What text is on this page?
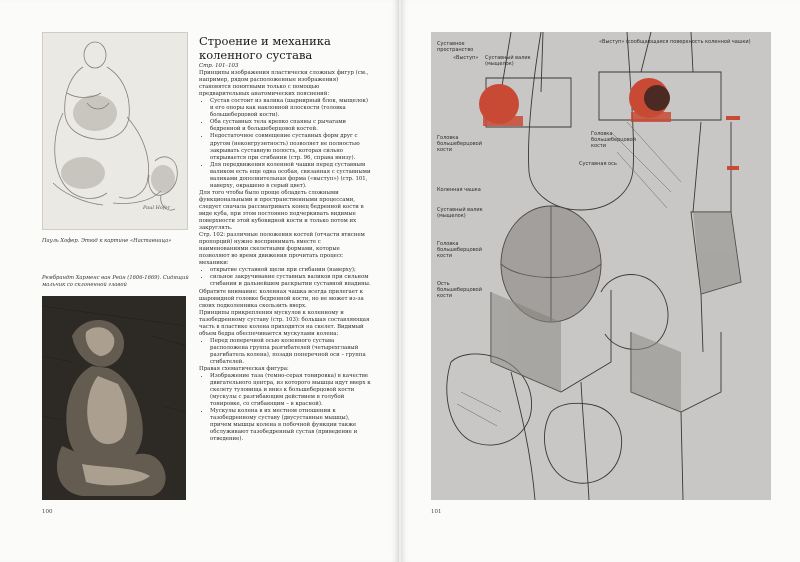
Paul Hofer
Пауль Хофер. Этюд к картине «Наставница»
Рембрандт Харменс ван Рейн (1606-1669). Сидящий мальчик со склоненной главой
Строение и механика коленного сустава

Стр. 101–103

Принципы изображения пластически сложных фигур (см., например, рядом расположенные изображения) становятся понятными только с помощью предварительных анатомических пояснений:

• Сустав состоит из валика (шарнирный блок, мыщелок) и его опоры как наклонной плоскости (головка большеберцовой кости).
• Оба суставных тела крепко спаяны с рычагами бедренной и большеберцовой костей.
• Недостаточное совмещение суставных форм друг с другом (неконгруэнтность) позволяет не полностью закрывать суставную полость, которая сильно открывается при сгибании (стр. 96, справа внизу).
• Для передвижения коленной чашки перед суставным валиком есть еще одна особая, связанная с суставными валиками дополнительная форма («выступ») (стр. 101, наверху, окрашено в серый цвет).

Для того чтобы было проще обладеть сложными функциональными и пространственными процессами, следует сначала рассматривать конец бедренной кости в виде куба, при этом постоянно подчеркивать видимые поверхности этой кубовидной кости и только потом их закруглять.

Стр. 102: различные положения костей (отчасти втиснем пропорций) нужно воспринимать вместе с наименованиями скелетными формами, которые позволяют во время движения прочитать процесс механики:

• открытие суставной щели при сгибании (наверху);
• сильное закручивание суставных валиков при сильном сгибании и дальнейшем раскрытии суставной впадины.

Обратите внимание: коленная чашка всегда прилегает к шаровидной головке бедренной кости, но не может из-за своих подколенника скользить вверх.

Принципы прикрепления мускулов к коленному и тазобедренному суставу (стр. 103): большая составляющая часть в пластике колена приходится на скелет. Видимый объем бедра обеспечивается мускулами колена:

• Перед поперечной осью коленного сустава расположена группа разгибателей (четырехглавый разгибатель колена), позади поперечной оси – группа сгибателей.

Правая схематическая фигура:

• Изображение таза (темно-серая тонировка) в качестве двигательного центра, из которого мышцы идут вверх к скелету туловища и вниз к большеберцовой кости (мускулы с разгибающим действием в голубой тонировке, со сгибающим – в красной).
• Мускулы колена в их местном отношении к тазобедренному суставу (двусуставные мышцы), причем мышцы колена в побочной функции также обслуживают тазобедренный сустав (приведение и отведение).
100
Суставное пространство
«Выступ»	Суставный валик (мыщелок)
«Выступ» (сообщающаяся поверхность коленной чашки)
Головка большеберцовой кости
Головка большеберцовой кости
Суставная ось
Коленная чашка
Суставный валик (мыщелок)
Головка большеберцовой кости
Ость большеберцовой кости
101
